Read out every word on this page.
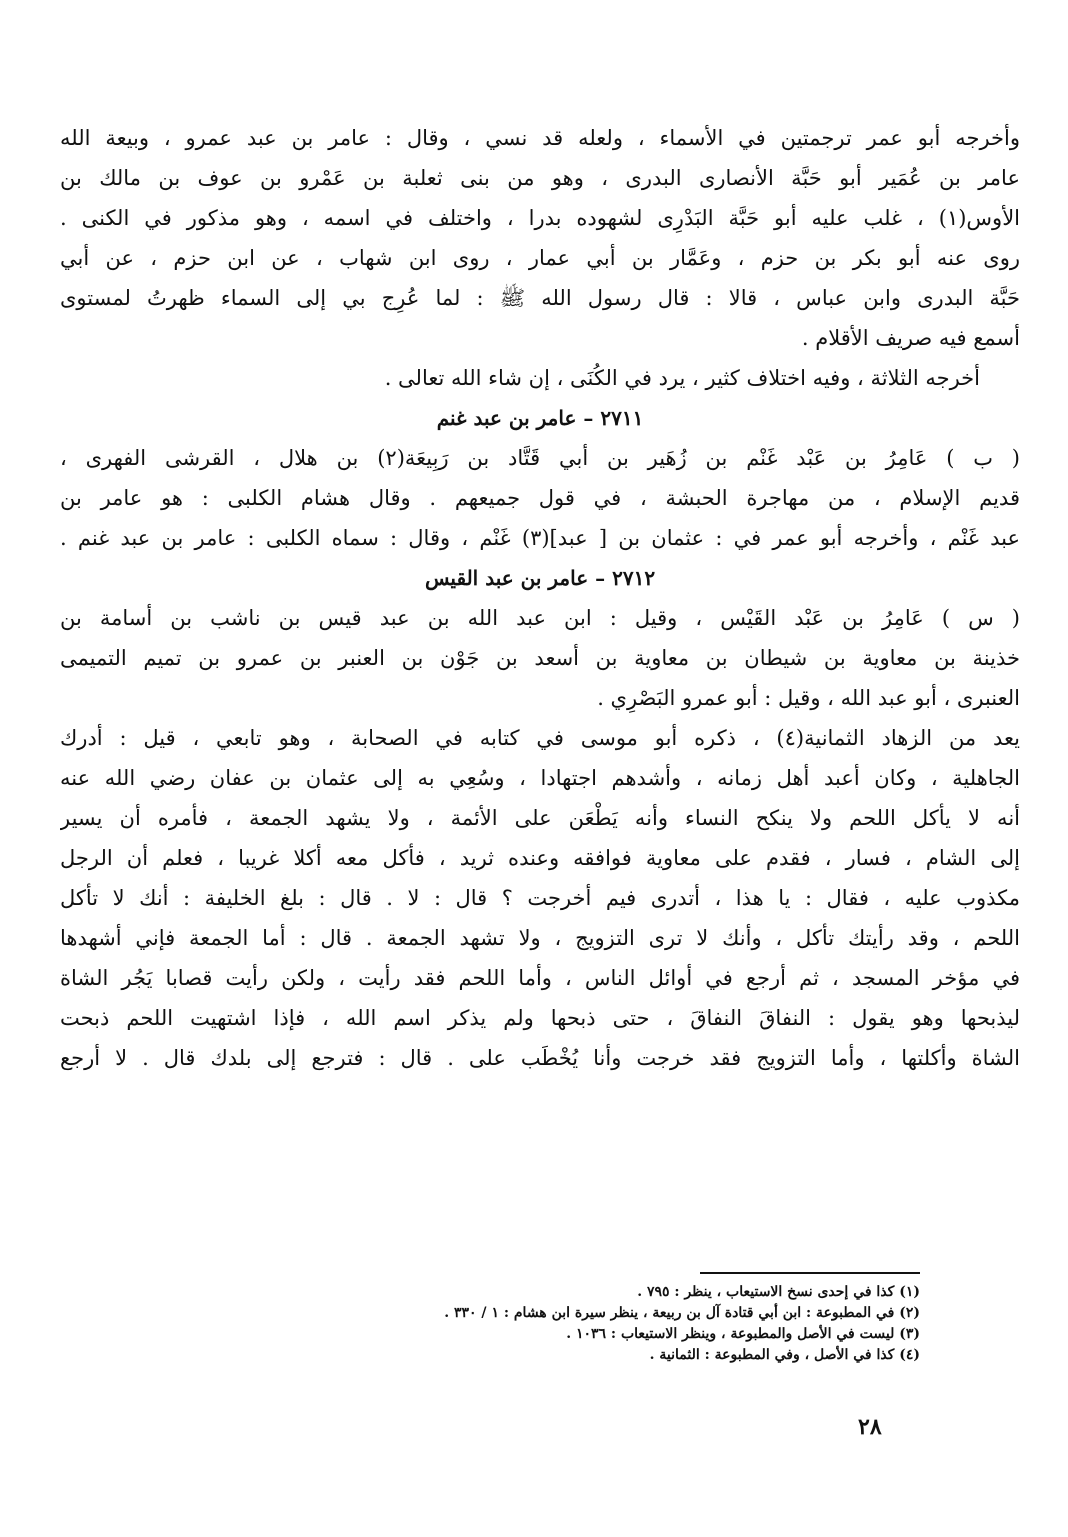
وأخرجه أبو عمر ترجمتين في الأسماء ، ولعله قد نسي ، وقال : عامر بن عبد عمرو ، وبيعة الله
عامر بن عُمَير أبو حَبَّة الأنصارى البدرى ، وهو من بنى ثعلبة بن عَمْرو بن عوف بن مالك بن
الأوس(١) ، غلب عليه أبو حَبَّة البَدْرِى لشهوده بدرا ، واختلف في اسمه ، وهو مذكور في الكنى .
روى عنه أبو بكر بن حزم ، وعَمَّار بن أبي عمار ، روى ابن شهاب ، عن ابن حزم ، عن أبي
حَبَّة البدرى وابن عباس ، قالا : قال رسول الله ﷺ : لما عُرِج بي إلى السماء ظهرتُ لمستوى
أسمع فيه صريف الأقلام .
أخرجه الثلاثة ، وفيه اختلاف كثير ، يرد في الكُنَى ، إن شاء الله تعالى .
٢٧١١ – عامر بن عبد غنم
( ب ) عَامِرُ بن عَبْد غَنْم بن زُهَير بن أبي قَتَّاد بن رَبِيعَة(٢) بن هلال ، القرشى الفهرى ،
قديم الإسلام ، من مهاجرة الحبشة ، في قول جميعهم . وقال هشام الكلبى : هو عامر بن
عبد غَنْم ، وأخرجه أبو عمر في : عثمان بن [ عبد](٣) غَنْم ، وقال : سماه الكلبى : عامر بن عبد غنم .
٢٧١٢ – عامر بن عبد القيس
( س ) عَامِرُ بن عَبْد القَيْس ، وقيل : ابن عبد الله بن عبد قيس بن ناشب بن أسامة بن
خذينة بن معاوية بن شيطان بن معاوية بن أسعد بن جَوْن بن العنبر بن عمرو بن تميم التميمى
العنبرى ، أبو عبد الله ، وقيل : أبو عمرو البَصْرِي .
يعد من الزهاد الثمانية(٤) ، ذكره أبو موسى في كتابه في الصحابة ، وهو تابعي ، قيل : أدرك
الجاهلية ، وكان أعبد أهل زمانه ، وأشدهم اجتهادا ، وسُعِي به إلى عثمان بن عفان رضي الله عنه
أنه لا يأكل اللحم ولا ينكح النساء وأنه يَطْعَن على الأئمة ، ولا يشهد الجمعة ، فأمره أن يسير
إلى الشام ، فسار ، فقدم على معاوية فوافقه وعنده ثريد ، فأكل معه أكلا غريبا ، فعلم أن الرجل
مكذوب عليه ، فقال : يا هذا ، أتدرى فيم أخرجت ؟ قال : لا . قال : بلغ الخليفة : أنك لا تأكل
اللحم ، وقد رأيتك تأكل ، وأنك لا ترى التزويج ، ولا تشهد الجمعة . قال : أما الجمعة فإني أشهدها
في مؤخر المسجد ، ثم أرجع في أوائل الناس ، وأما اللحم فقد رأيت ، ولكن رأيت قصابا يَجُر الشاة
ليذبحها وهو يقول : النفاقَ النفاقَ ، حتى ذبحها ولم يذكر اسم الله ، فإذا اشتهيت اللحم ذبحت
الشاة وأكلتها ، وأما التزويج فقد خرجت وأنا يُخْطَب على . قال : فترجع إلى بلدك قال . لا أرجع
(١) كذا في إحدى نسخ الاستيعاب ، ينظر : ٧٩٥ .
(٢) في المطبوعة : ابن أبي قتادة آل بن ربيعة ، ينظر سيرة ابن هشام : ١ / ٣٣٠ .
(٣) ليست في الأصل والمطبوعة ، وينظر الاستيعاب : ١٠٣٦ .
(٤) كذا في الأصل ، وفي المطبوعة : الثمانية .
٢٨
